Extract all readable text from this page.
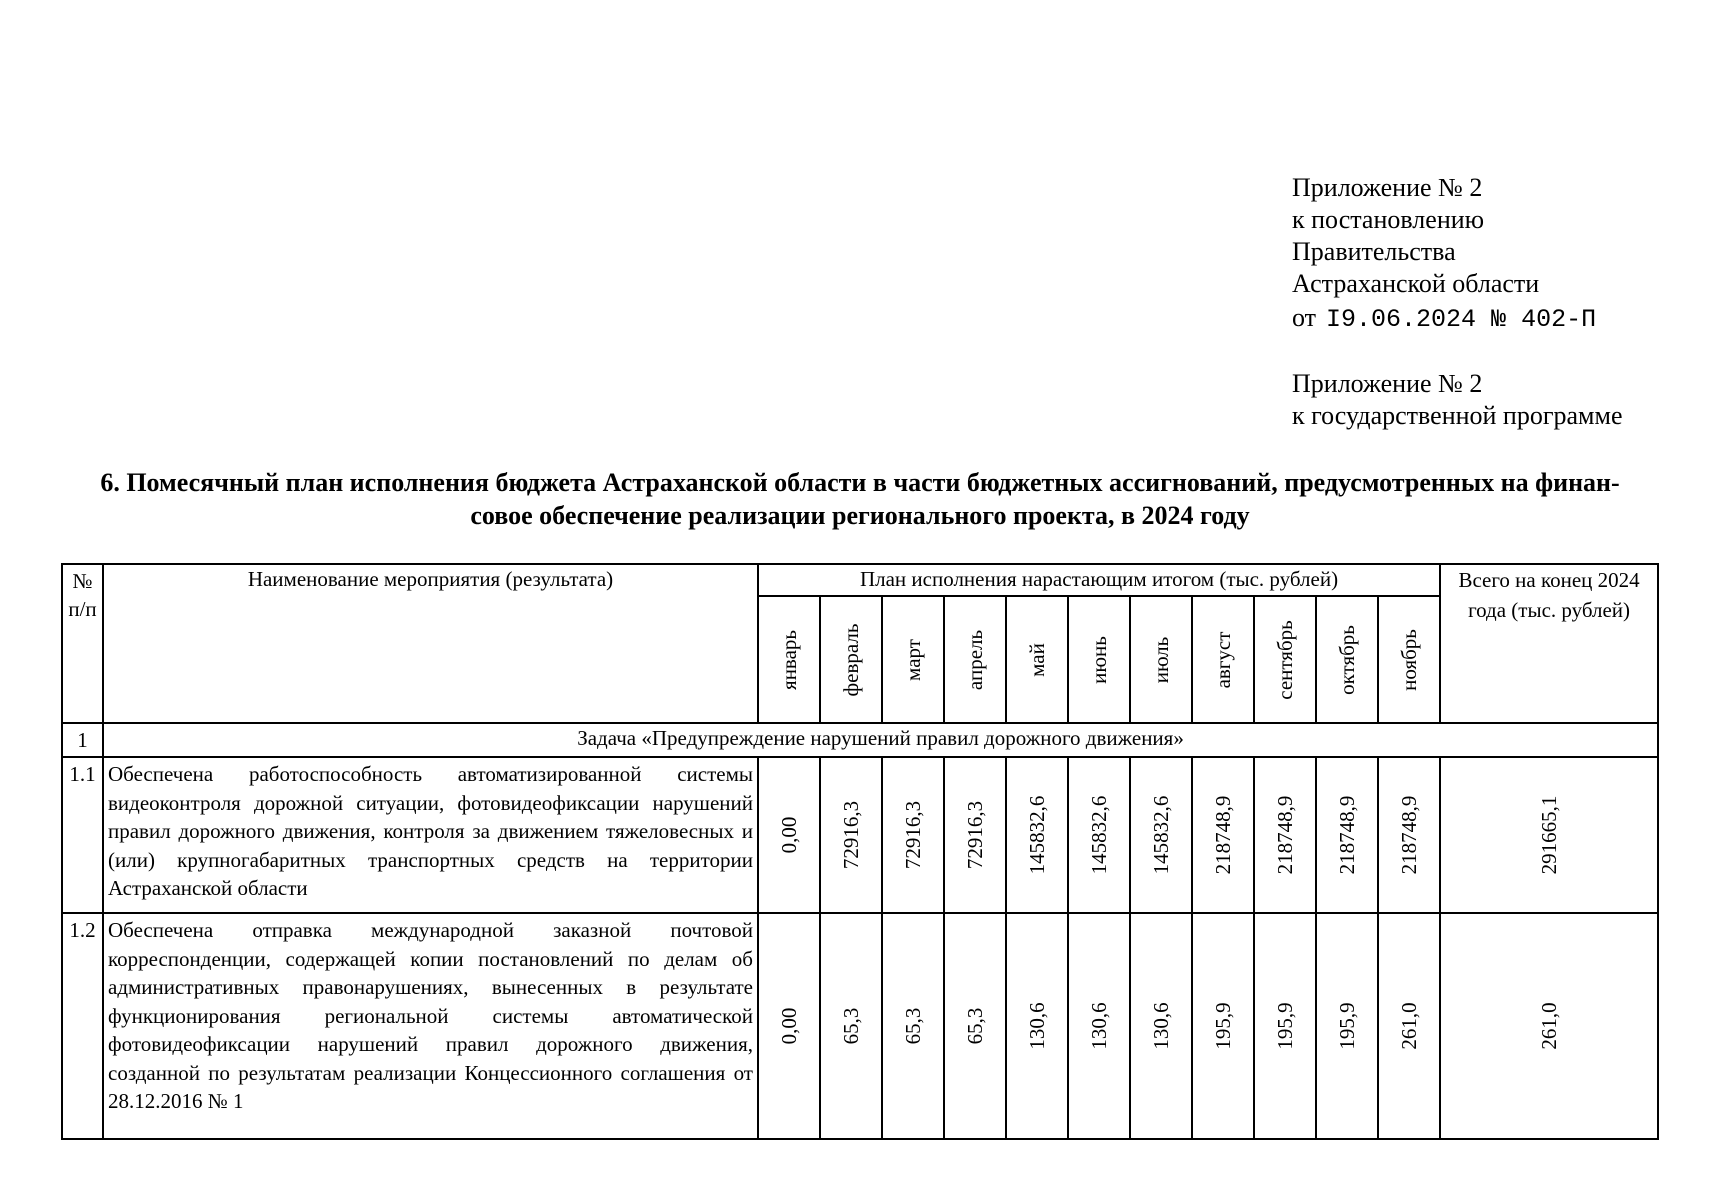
Приложение № 2
к постановлению
Правительства
Астраханской области
от I9.06.2024 № 402-П
Приложение № 2
к государственной программе
6. Помесячный план исполнения бюджета Астраханской области в части бюджетных ассигнований, предусмотренных на финан-
совое обеспечение реализации регионального проекта, в 2024 году
№ п/п	Наименование мероприятия (результата)	План исполнения нарастающим итогом (тыс. рублей)											Всего на конец 2024 года (тыс. рублей)

		январь	февраль	март	апрель	май	июнь	июль	август	сентябрь	октябрь	ноябрь	

1	Задача «Предупреждение нарушений правил дорожного движения»												
1.1	Обеспечена работоспособность автоматизированной системы видеоконтроля дорожной ситуации, фотовидеофиксации нарушений правил дорожного движения, контроля за движением тяжеловесных и (или) крупногабаритных транспортных средств на территории Астраханской области	0,00	72916,3	72916,3	72916,3	145832,6	145832,6	145832,6	218748,9	218748,9	218748,9	218748,9	291665,1

1.2	Обеспечена отправка международной заказной почтовой корреспонденции, содержащей копии постановлений по делам об административных правонарушениях, вынесенных в результате функционирования региональной системы автоматической фотовидеофиксации нарушений правил дорожного движения, созданной по результатам реализации Концессионного соглашения от 28.12.2016 № 1	0,00	65,3	65,3	65,3	130,6	130,6	130,6	195,9	195,9	195,9	261,0	261,0
